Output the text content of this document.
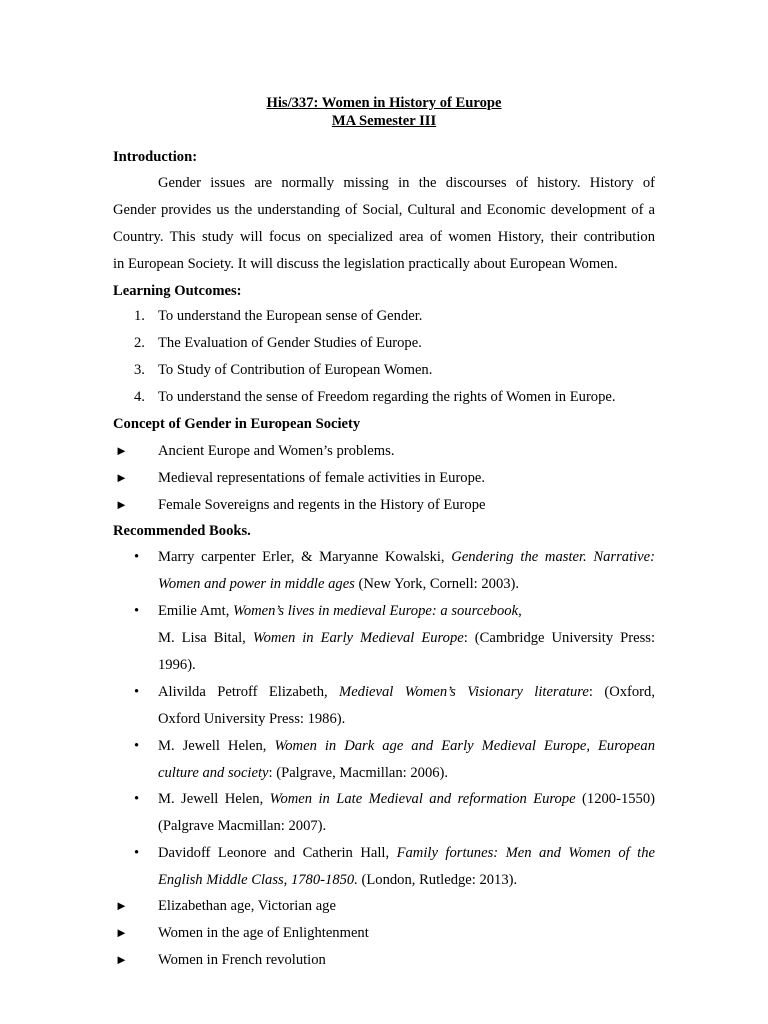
His/337: Women in History of Europe
MA Semester III
Introduction:
Gender issues are normally missing in the discourses of history. History of
Gender provides us the understanding of Social, Cultural and Economic development of a
Country. This study will focus on specialized area of women History, their contribution
in European Society. It will discuss the legislation practically about European Women.
Learning Outcomes:
1. To understand the European sense of Gender.
2. The Evaluation of Gender Studies of Europe.
3. To Study of Contribution of European Women.
4. To understand the sense of Freedom regarding the rights of Women in Europe.
Concept of Gender in European Society
► Ancient Europe and Women’s problems.
► Medieval representations of female activities in Europe.
► Female Sovereigns and regents in the History of Europe
Recommended Books.
• Marry carpenter Erler, & Maryanne Kowalski, Gendering the master. Narrative:
Women and power in middle ages (New York, Cornell: 2003).
• Emilie Amt, Women’s lives in medieval Europe: a sourcebook,
M. Lisa Bital, Women in Early Medieval Europe: (Cambridge University Press:
1996).
• Alivilda Petroff Elizabeth, Medieval Women’s Visionary literature: (Oxford,
Oxford University Press: 1986).
• M. Jewell Helen, Women in Dark age and Early Medieval Europe, European
culture and society: (Palgrave, Macmillan: 2006).
• M. Jewell Helen, Women in Late Medieval and reformation Europe (1200-1550)
(Palgrave Macmillan: 2007).
• Davidoff Leonore and Catherin Hall, Family fortunes: Men and Women of the
English Middle Class, 1780-1850. (London, Rutledge: 2013).
► Elizabethan age, Victorian age
► Women in the age of Enlightenment
► Women in French revolution
